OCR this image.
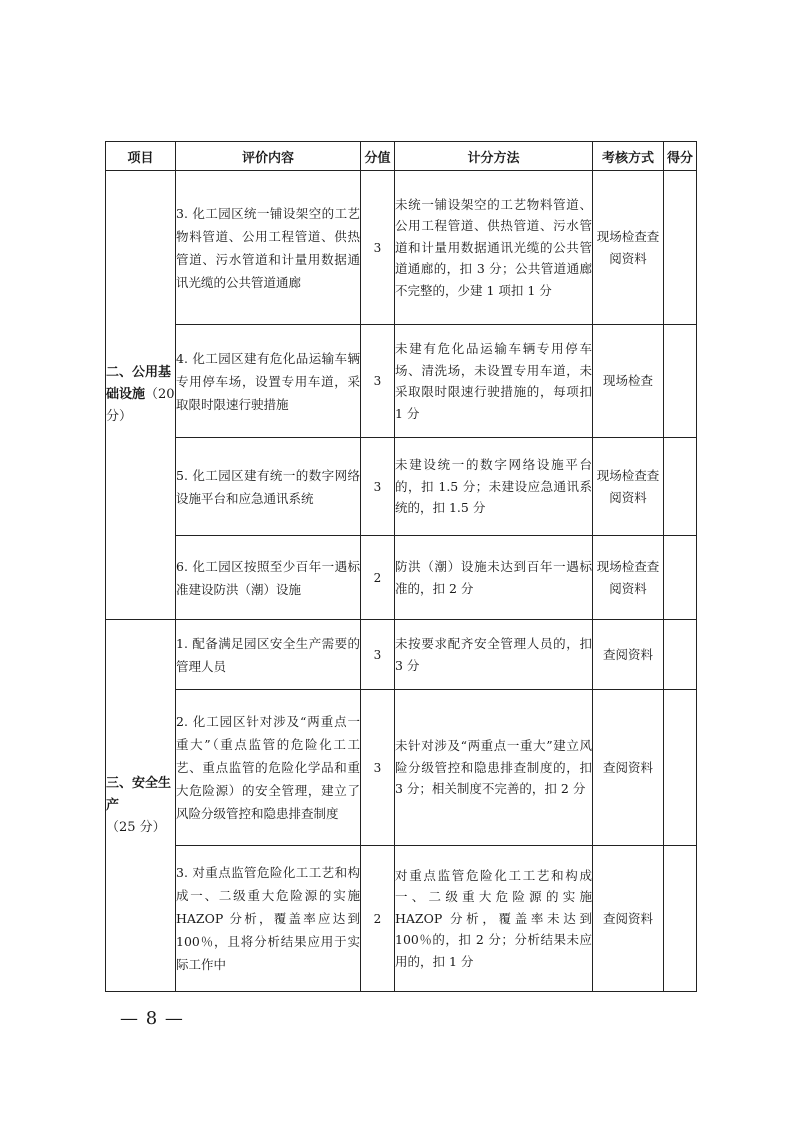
项目	评价内容	分值	计分方法	考核方式	得分
二、公用基础设施（20 分）	3. 化工园区统一铺设架空的工艺物料管道、公用工程管道、供热管道、污水管道和计量用数据通讯光缆的公共管道通廊	3	未统一铺设架空的工艺物料管道、公用工程管道、供热管道、污水管道和计量用数据通讯光缆的公共管道通廊的，扣 3 分；公共管道通廊不完整的，少建 1 项扣 1 分	现场检查查阅资料	
	4. 化工园区建有危化品运输车辆专用停车场，设置专用车道，采取限时限速行驶措施	3	未建有危化品运输车辆专用停车场、清洗场，未设置专用车道，未采取限时限速行驶措施的，每项扣 1 分	现场检查	
	5. 化工园区建有统一的数字网络设施平台和应急通讯系统	3	未建设统一的数字网络设施平台的，扣 1.5 分；未建设应急通讯系统的，扣 1.5 分	现场检查查阅资料	
	6. 化工园区按照至少百年一遇标准建设防洪（潮）设施	2	防洪（潮）设施未达到百年一遇标准的，扣 2 分	现场检查查阅资料	
三、安全生产（25 分）	1. 配备满足园区安全生产需要的管理人员	3	未按要求配齐安全管理人员的，扣 3 分	查阅资料	
	2. 化工园区针对涉及“两重点一重大”（重点监管的危险化工工艺、重点监管的危险化学品和重大危险源）的安全管理，建立了风险分级管控和隐患排查制度	3	未针对涉及“两重点一重大”建立风险分级管控和隐患排查制度的，扣 3 分；相关制度不完善的，扣 2 分	查阅资料	
	3. 对重点监管危险化工工艺和构成一、二级重大危险源的实施 HAZOP 分析，覆盖率应达到 100％，且将分析结果应用于实际工作中	2	对重点监管危险化工工艺和构成一、二级重大危险源的实施 HAZOP 分析，覆盖率未达到 100％的，扣 2 分；分析结果未应用的，扣 1 分	查阅资料	
— 8 —
